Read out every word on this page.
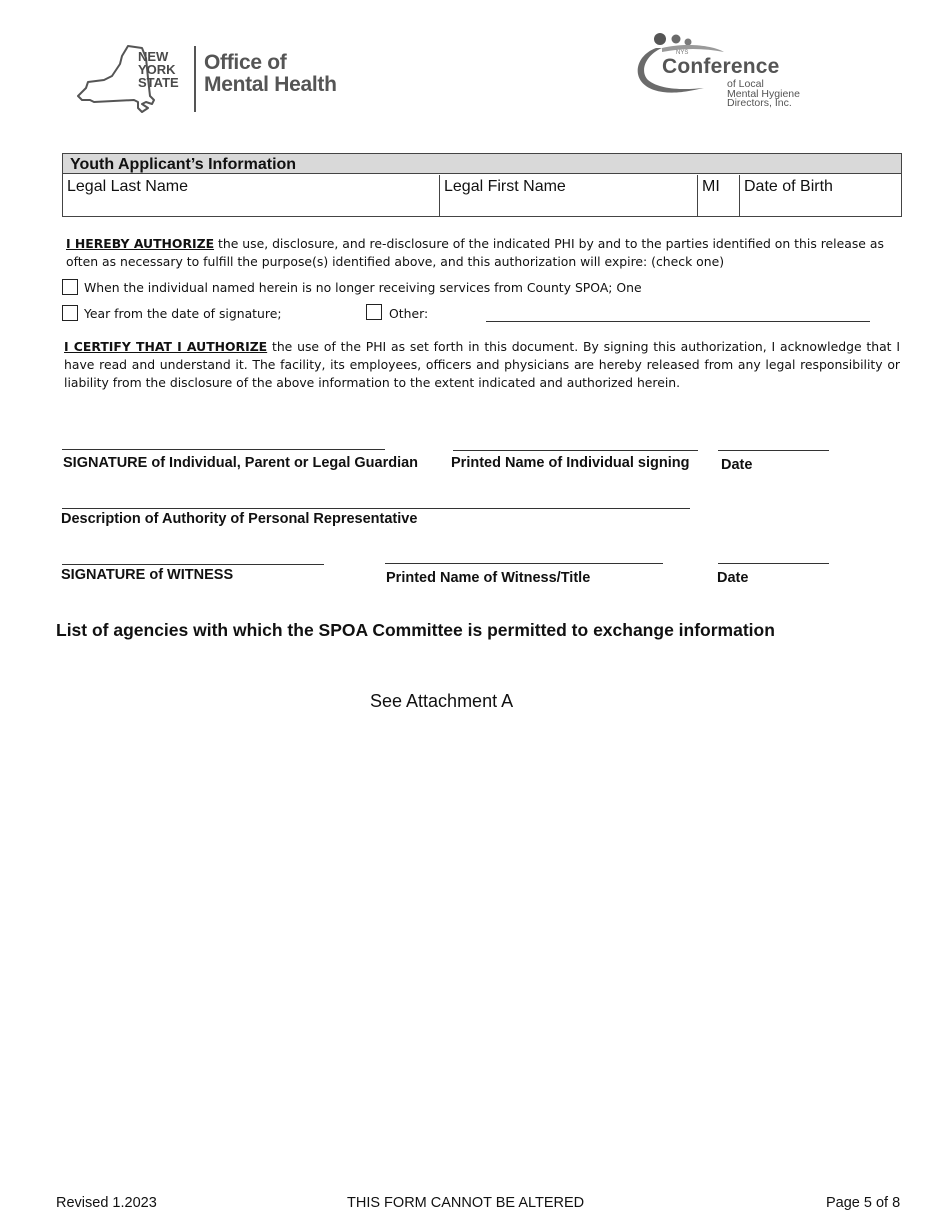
NEW
YORK
STATE
Office of
Mental Health
NYS
Conference
of Local
Mental Hygiene
Directors, Inc.
Youth Applicant’s Information
Legal Last Name	Legal First Name	MI	Date of Birth
I HEREBY AUTHORIZE the use, disclosure, and re-disclosure of the indicated PHI by and to the parties identified on this release as often as necessary to fulfill the purpose(s) identified above, and this authorization will expire: (check one)
When the individual named herein is no longer receiving services from County SPOA; One
Year from the date of signature;	Other:
I CERTIFY THAT I AUTHORIZE the use of the PHI as set forth in this document. By signing this authorization, I acknowledge that I have read and understand it. The facility, its employees, officers and physicians are hereby released from any legal responsibility or liability from the disclosure of the above information to the extent indicated and authorized herein.
SIGNATURE of Individual, Parent or Legal Guardian Printed Name of Individual signing Date
Description of Authority of Personal Representative
SIGNATURE of WITNESS	Printed Name of Witness/Title	Date
List of agencies with which the SPOA Committee is permitted to exchange information
See Attachment A
Revised 1.2023	THIS FORM CANNOT BE ALTERED	Page 5 of 8
